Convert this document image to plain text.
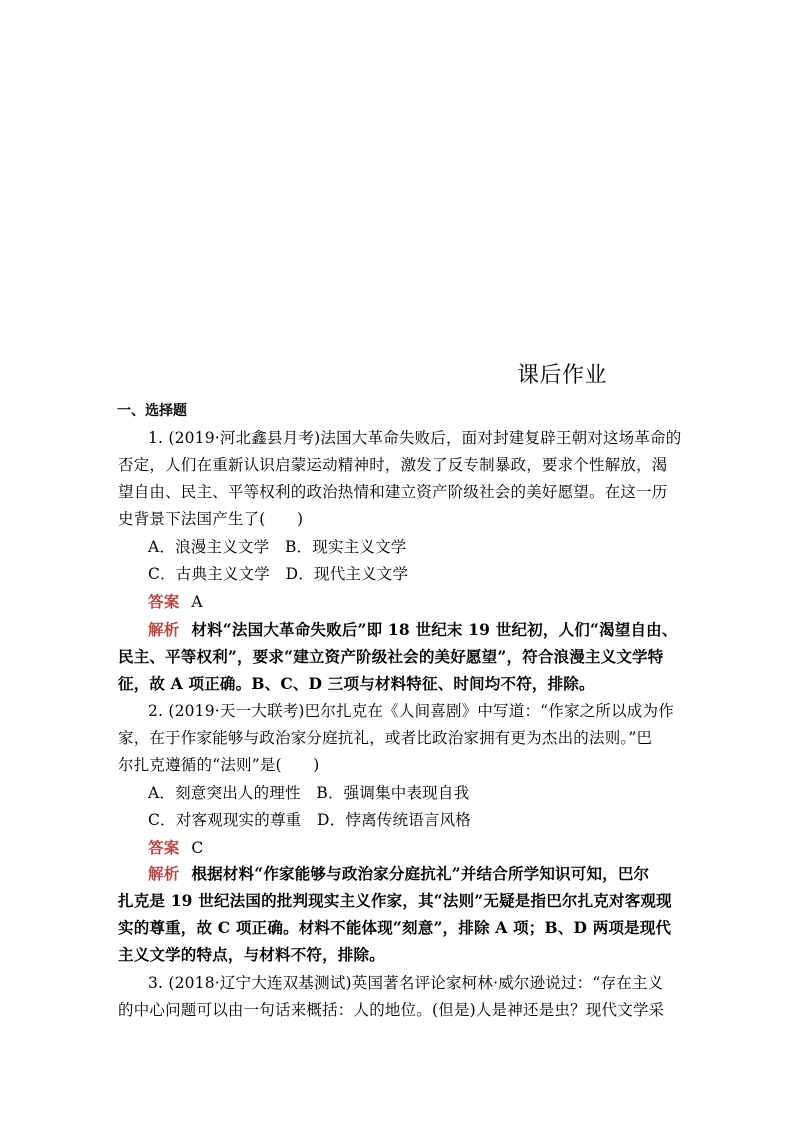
课后作业
一、选择题
1. (2019·河北鑫县月考)法国大革命失败后，面对封建复辟王朝对这场革命的
否定，人们在重新认识启蒙运动精神时，激发了反专制暴政，要求个性解放，渴
望自由、民主、平等权利的政治热情和建立资产阶级社会的美好愿望。在这一历
史背景下法国产生了(　　)
A．浪漫主义文学　B．现实主义文学
C．古典主义文学　D．现代主义文学
答案 A
解析 材料“法国大革命失败后”即 18 世纪末 19 世纪初，人们“渴望自由、
民主、平等权利”，要求“建立资产阶级社会的美好愿望”，符合浪漫主义文学特
征，故 A 项正确。B、C、D 三项与材料特征、时间均不符，排除。
2. (2019·天一大联考)巴尔扎克在《人间喜剧》中写道：“作家之所以成为作
家，在于作家能够与政治家分庭抗礼，或者比政治家拥有更为杰出的法则。”巴
尔扎克遵循的“法则”是(　　)
A．刻意突出人的理性　B．强调集中表现自我
C．对客观现实的尊重　D．悖离传统语言风格
答案 C
解析 根据材料“作家能够与政治家分庭抗礼”并结合所学知识可知，巴尔
扎克是 19 世纪法国的批判现实主义作家，其“法则”无疑是指巴尔扎克对客观现
实的尊重，故 C 项正确。材料不能体现“刻意”，排除 A 项；B、D 两项是现代
主义文学的特点，与材料不符，排除。
3. (2018·辽宁大连双基测试)英国著名评论家柯林·威尔逊说过：“存在主义
的中心问题可以由一句话来概括：人的地位。(但是)人是神还是虫？现代文学采
